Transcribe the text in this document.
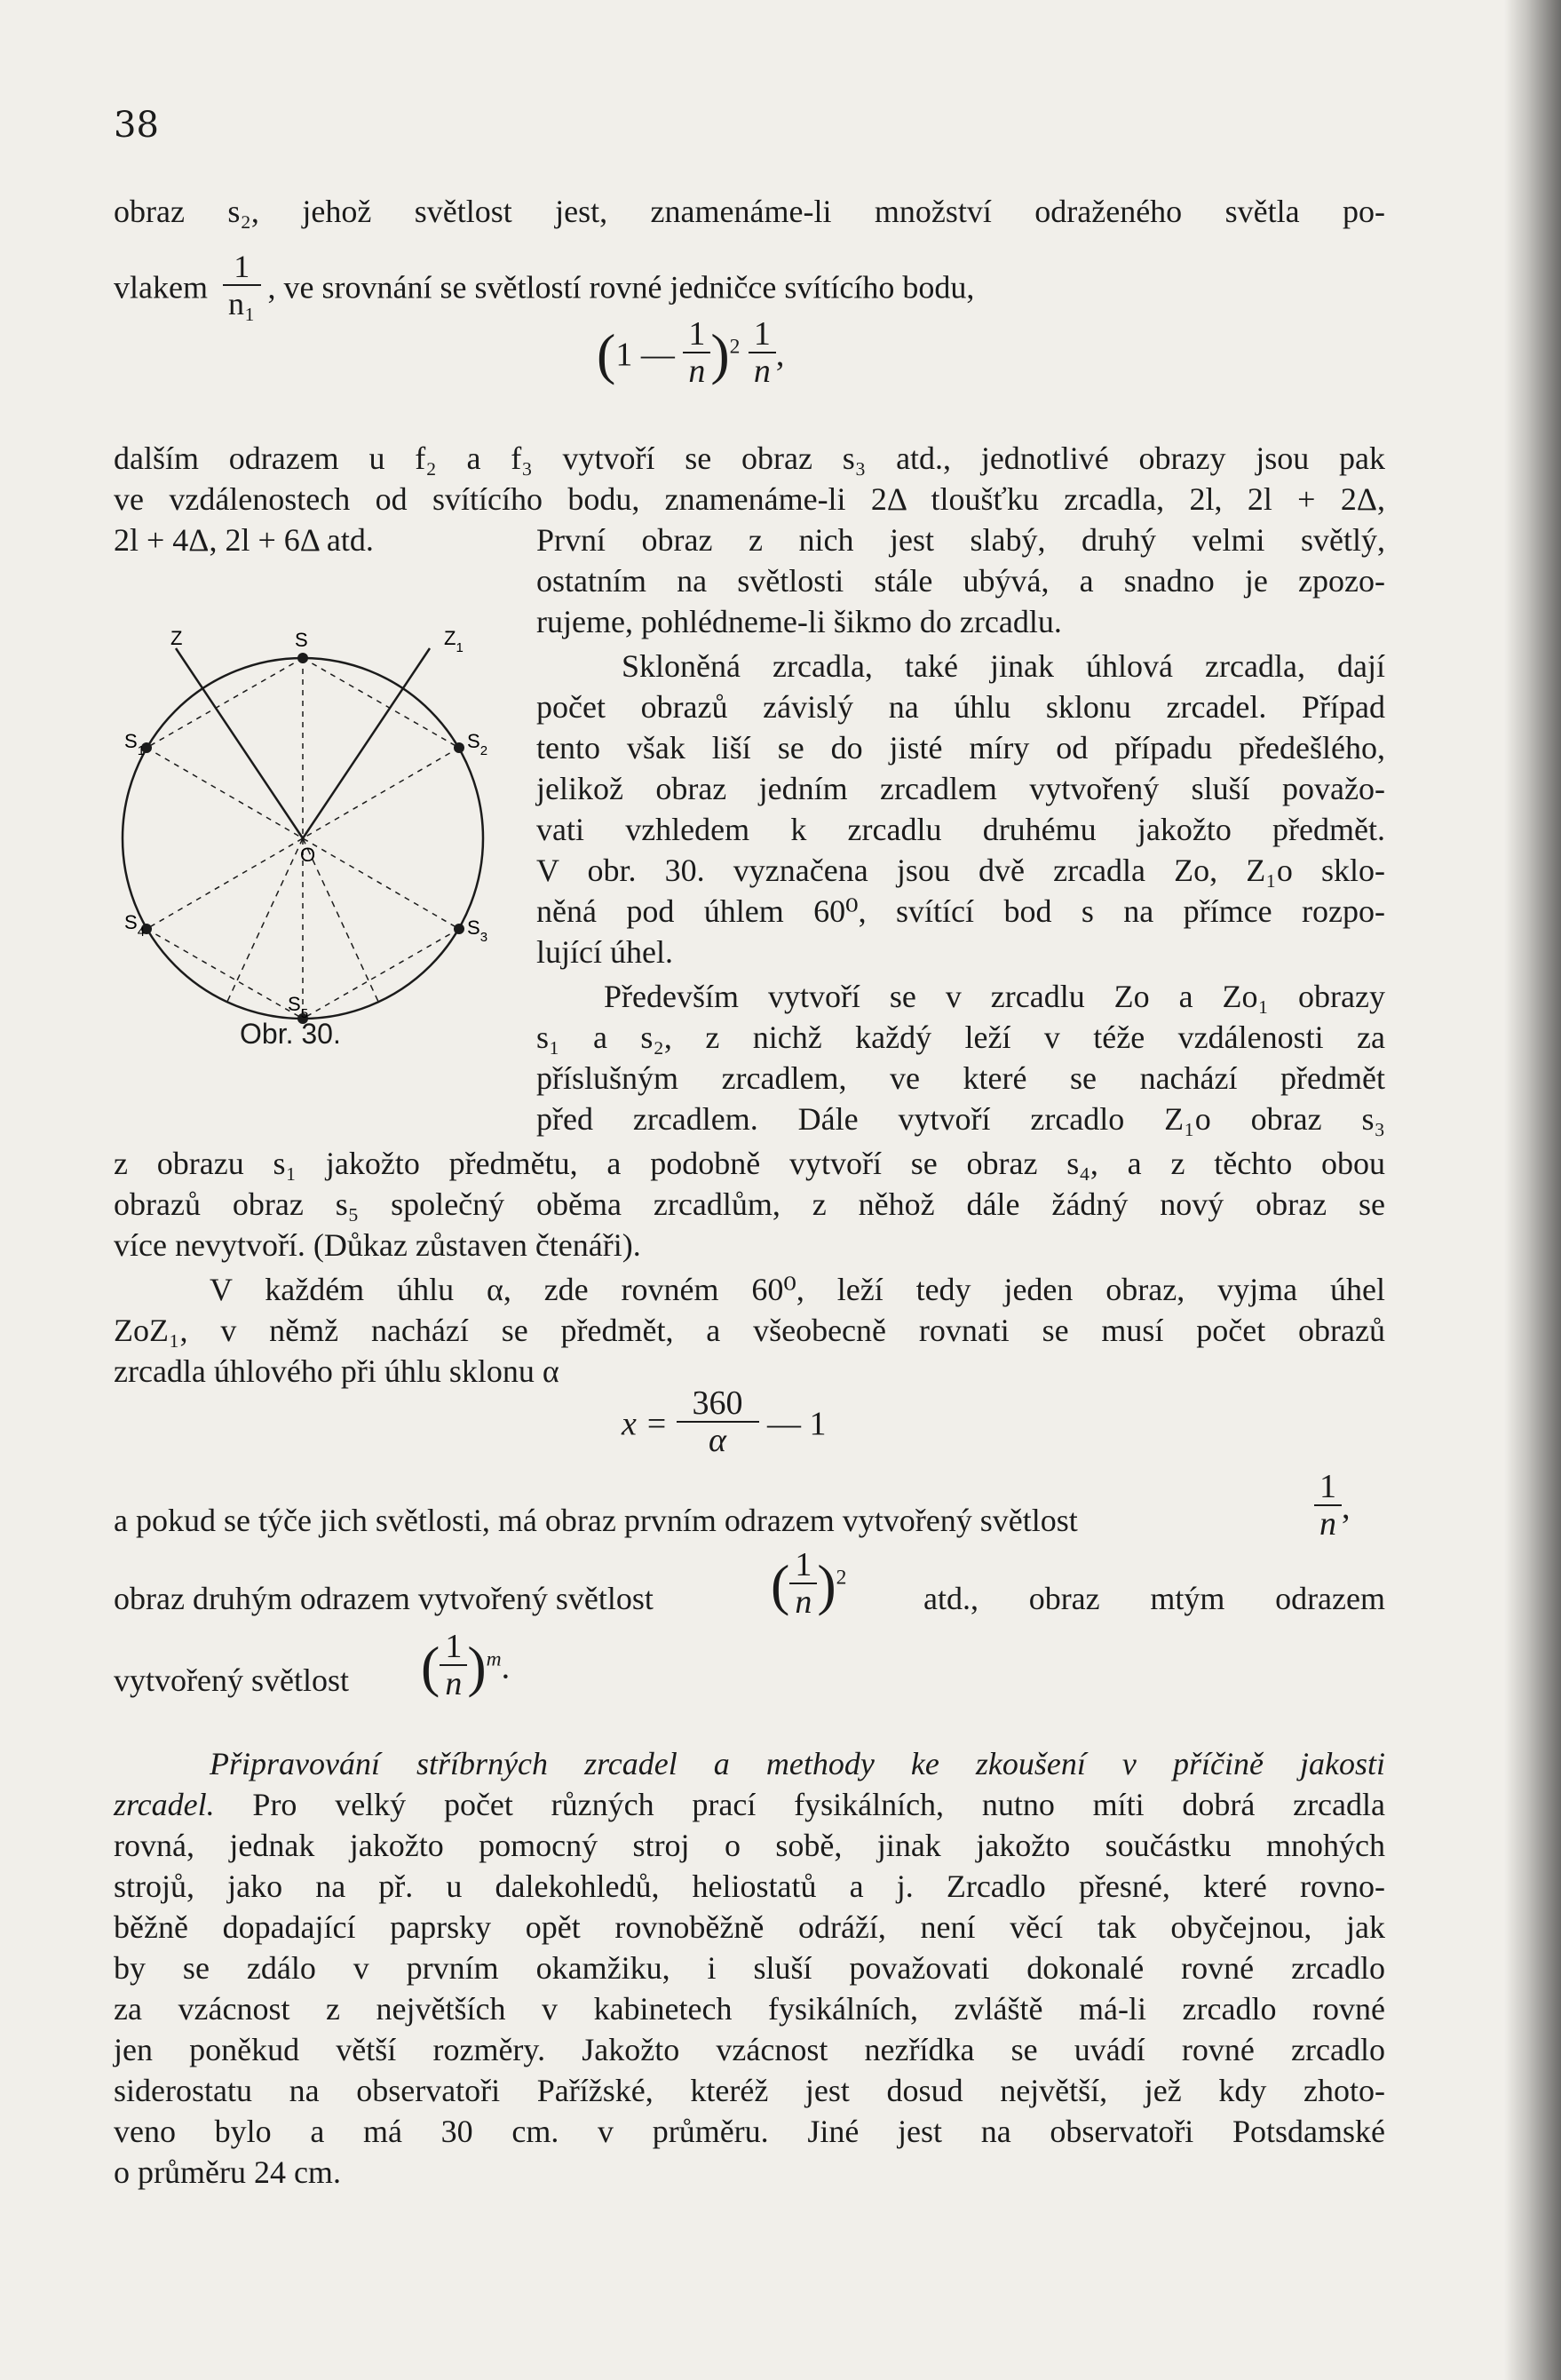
38
obraz s₂, jehož světlost jest, znamenáme-li množství odraženého světla po-
vlakem $\frac{1}{\text{n₁}}$ , ve srovnání se světlostí rovné jedničce svítícího bodu,
(1 — $\frac{1}{n} )^2 \frac{1}{n}$ ,
dalším odrazem u f₂ a f₃ vytvoří se obraz s₃ atd., jednotlivé obrazy jsou pak
ve vzdálenostech od svítícího bodu, znamenáme-li 2Δ tloušťku zrcadla, 2l, 2l + 2Δ,
2l + 4Δ, 2l + 6Δ atd.	První obraz z nich jest slabý, druhý velmi světlý,
ostatním na světlosti stále ubývá, a snadno je zpozo-
rujeme, pohlédneme-li šikmo do zrcadlu.
Skloněná zrcadla, také jinak úhlová zrcadla, dají
počet obrazů závislý na úhlu sklonu zrcadel. Případ
tento však liší se do jisté míry od případu předešlého,
jelikož obraz jedním zrcadlem vytvořený sluší považo-
vati vzhledem k zrcadlu druhému jakožto předmět.
V obr. 30. vyznačena jsou dvě zrcadla Zo, Z₁o sklo-
něná pod úhlem 60⁰, svítící bod s na přímce rozpo-
lující úhel.
Především vytvoří se v zrcadlu Zo a Zo₁ obrazy
s₁ a s₂, z nichž každý leží v téže vzdálenosti za
příslušným zrcadlem, ve které se nachází předmět
před zrcadlem. Dále vytvoří zrcadlo Z₁o obraz s₃
Z	S	$Z_1$
$S_1$	$S_2$
O
$S_4$	$S_3$
$S_5$
Obr. 30.
z obrazu s₁ jakožto předmětu, a podobně vytvoří se obraz s₄, a z těchto obou
obrazů obraz s₅ společný oběma zrcadlům, z něhož dále žádný nový obraz se
více nevytvoří. (Důkaz zůstaven čtenáři).
V každém úhlu α, zde rovném 60⁰, leží tedy jeden obraz, vyjma úhel
ZoZ₁, v němž nachází se předmět, a všeobecně rovnati se musí počet obrazů
zrcadla úhlového při úhlu sklonu α
$x = \frac{360}{\alpha}$ — 1
a pokud se týče jich světlosti, má obraz prvním odrazem vytvořený světlost	$\frac{1}{n}$ ,
obraz druhým odrazem vytvořený světlost ( $\frac{1}{n} )^2$
atd., obraz mtým odrazem
vytvořený světlost ( $\frac{1}{n} )^m$.
Připravování stříbrných zrcadel a methody ke zkoušení v příčině jakosti
zrcadel. Pro velký počet různých prací fysikálních, nutno míti dobrá zrcadla
rovná, jednak jakožto pomocný stroj o sobě, jinak jakožto součástku mnohých
strojů, jako na př. u dalekohledů, heliostatů a j. Zrcadlo přesné, které rovno-
běžně dopadající paprsky opět rovnoběžně odráží, není věcí tak obyčejnou, jak
by se zdálo v prvním okamžiku, i sluší považovati dokonalé rovné zrcadlo
za vzácnost z největších v kabinetech fysikálních, zvláště má-li zrcadlo rovné
jen poněkud větší rozměry. Jakožto vzácnost nezřídka se uvádí rovné zrcadlo
siderostatu na observatoři Pařížské, kteréž jest dosud největší, jež kdy zhoto-
veno bylo a má 30 cm. v průměru. Jiné jest na observatoři Potsdamské
o průměru 24 cm.
